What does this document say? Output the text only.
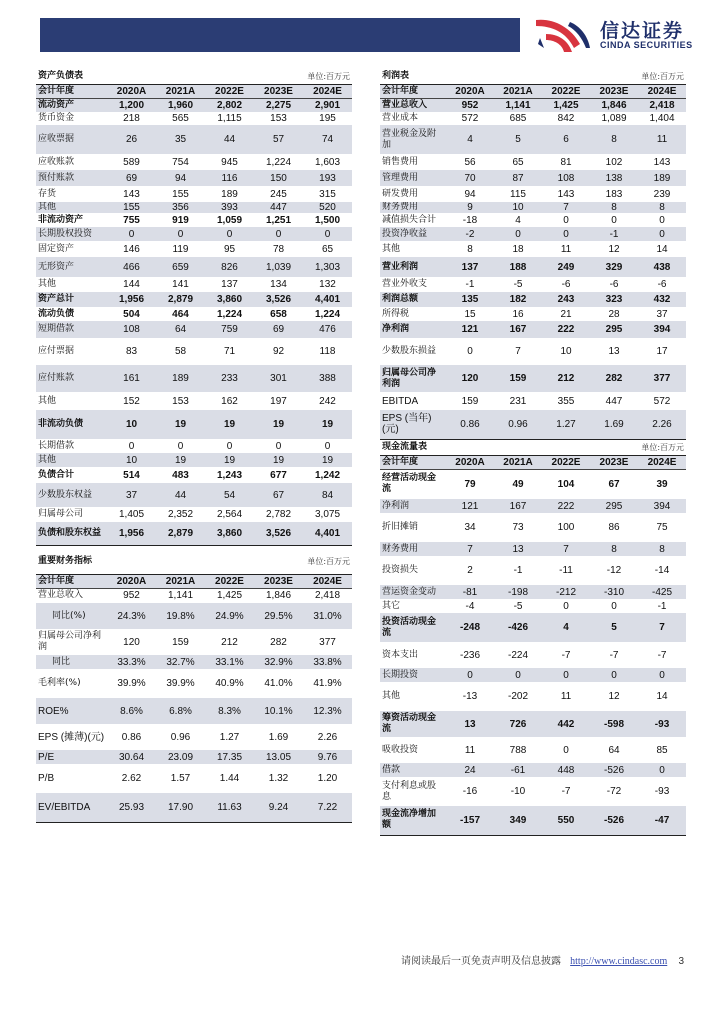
信达证券
CINDA SECURITIES
资产负债表		单位:百万元			
会计年度	2020A	2021A	2022E	2023E	2024E
流动资产	1,200	1,960	2,802	2,275	2,901
货币资金	218	565	1,115	153	195
应收票据	26	35	44	57	74
应收账款	589	754	945	1,224	1,603
预付账款	69	94	116	150	193
存货	143	155	189	245	315
其他	155	356	393	447	520
非流动资产	755	919	1,059	1,251	1,500
长期股权投资	0	0	0	0	0
固定资产	146	119	95	78	65
无形资产	466	659	826	1,039	1,303
其他	144	141	137	134	132
资产总计	1,956	2,879	3,860	3,526	4,401
流动负债	504	464	1,224	658	1,224
短期借款	108	64	759	69	476
应付票据	83	58	71	92	118
应付账款	161	189	233	301	388
其他	152	153	162	197	242
非流动负债	10	19	19	19	19
长期借款	0	0	0	0	0
其他	10	19	19	19	19
负债合计	514	483	1,243	677	1,242
少数股东权益	37	44	54	67	84
归属母公司	1,405	2,352	2,564	2,782	3,075
负债和股东权益	1,956	2,879	3,860	3,526	4,401
重要财务指标		单位:百万元			
会计年度	2020A	2021A	2022E	2023E	2024E
营业总收入	952	1,141	1,425	1,846	2,418
同比(%)	24.3%	19.8%	24.9%	29.5%	31.0%
归属母公司净利润	120	159	212	282	377
同比	33.3%	32.7%	33.1%	32.9%	33.8%
毛利率(%)	39.9%	39.9%	40.9%	41.0%	41.9%
ROE%	8.6%	6.8%	8.3%	10.1%	12.3%
EPS (摊薄)(元)	0.86	0.96	1.27	1.69	2.26
P/E	30.64	23.09	17.35	13.05	9.76
P/B	2.62	1.57	1.44	1.32	1.20
EV/EBITDA	25.93	17.90	11.63	9.24	7.22
利润表		单位:百万元			
会计年度	2020A	2021A	2022E	2023E	2024E
营业总收入	952	1,141	1,425	1,846	2,418
营业成本	572	685	842	1,089	1,404
营业税金及附加	4	5	6	8	11
销售费用	56	65	81	102	143
管理费用	70	87	108	138	189
研发费用	94	115	143	183	239
财务费用	9	10	7	8	8
减值损失合计	-18	4	0	0	0
投资净收益	-2	0	0	-1	0
其他	8	18	11	12	14
营业利润	137	188	249	329	438
营业外收支	-1	-5	-6	-6	-6
利润总额	135	182	243	323	432
所得税	15	16	21	28	37
净利润	121	167	222	295	394
少数股东损益	0	7	10	13	17
归属母公司净利润	120	159	212	282	377
EBITDA	159	231	355	447	572
EPS (当年)(元)	0.86	0.96	1.27	1.69	2.26
现金流量表		单位:百万元			
会计年度	2020A	2021A	2022E	2023E	2024E
经营活动现金流	79	49	104	67	39
净利润	121	167	222	295	394
折旧摊销	34	73	100	86	75
财务费用	7	13	7	8	8
投资损失	2	-1	-11	-12	-14
营运资金变动	-81	-198	-212	-310	-425
其它	-4	-5	0	0	-1
投资活动现金流	-248	-426	4	5	7
资本支出	-236	-224	-7	-7	-7
长期投资	0	0	0	0	0
其他	-13	-202	11	12	14
筹资活动现金流	13	726	442	-598	-93
吸收投资	11	788	0	64	85
借款	24	-61	448	-526	0
支付利息或股息	-16	-10	-7	-72	-93
现金流净增加额	-157	349	550	-526	-47
请阅读最后一页免责声明及信息披露 http://www.cindasc.com 3
